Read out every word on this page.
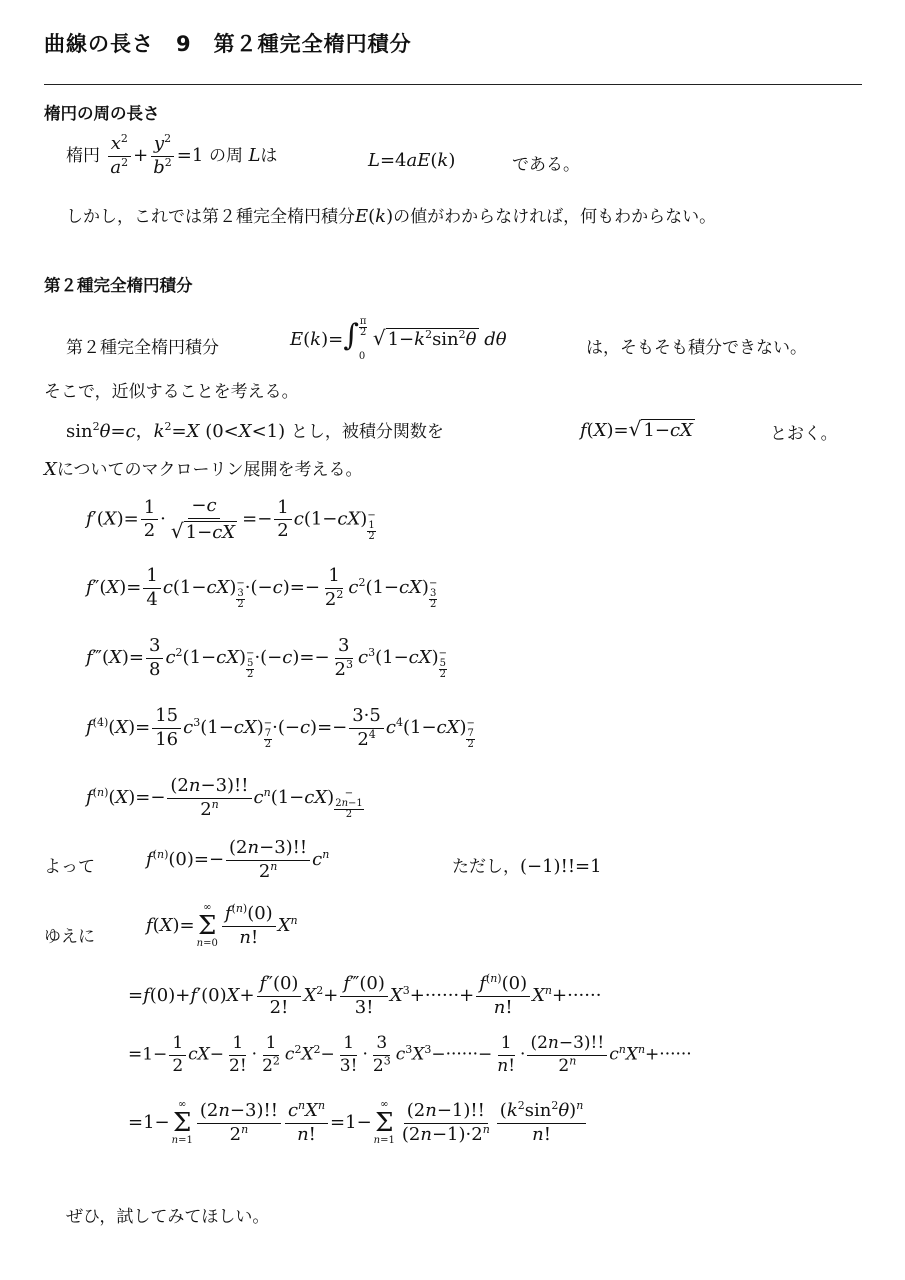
曲線の長さ　9　第２種完全楕円積分
楕円の周の長さ
楕円 $\frac{x^2}{a^2} + \frac{y^2}{b^2} =1$ の周 Lは	L=4aE(k)	である。
しかし，これでは第２種完全楕円積分E(k)の値がわからなければ，何もわからない。
第２種完全楕円積分
第２種完全楕円積分	$E(k)=\int \frac{\pi}{2}$
0
√ $1-k^2\sin^2\theta$ dθ	は，そもそも積分できない。
そこで，近似することを考える。
$\sin^2\theta=c$，$k^2=X$ (0<X<1) とし，被積分関数を	f(X)=√ 1−cX	とおく。
Xについてのマクローリン展開を考える。
$f'(X)= \frac{1}{2} \cdot \frac{-c}{√ 1-cX} =- \frac{1}{2} c(1-cX)-$
1
2
$f''(X)= \frac{1}{4} c(1-cX)-$
3
2
$\cdot(-c)=- \frac{1}{2^2} c^2(1-cX)-$
3
2
f‴(X)= $\frac{3}{8} c^2(1-cX)-$
5
2
$\cdot(-c)=- \frac{3}{2^3} c^3(1-cX)-$
5
2
$f^{(4)}(X)= \frac{15}{16} c^3(1-cX)-$
7
2
$\cdot(-c)=- \frac{3\cdot 5}{2^4} c^4(1-cX)-$
7
2
$f^{(n)}(X)=- \frac{(2n-3)!!}{2^n} c^n(1-cX)$ −
2n−1
2
よって	$f^{(n)}(0)=- \frac{(2n-3)!!}{2^n} c^n$
ただし，(−1)!!=1
ゆえに
f(X)=
∞
Σ
$n=0 \frac{f^{(n)}(0)}{n!} X^n$
$=f(0)+f'(0)X+ \frac{f''(0)}{2!} X^2+ \frac{f‴(0)}{3!} X^3+\cdot\cdot\cdot\cdot\cdot\cdot+ \frac{f^{(n)}(0)}{n!} X^n+\cdot\cdot\cdot\cdot\cdot\cdot$
$=1- \frac{1}{2} cX- \frac{1}{2!} \cdot \frac{1}{2^2} c^2X^2- \frac{1}{3!} \cdot \frac{3}{2^3} c^3X^3-\cdot\cdot\cdot\cdot\cdot\cdot- \frac{1}{n!} \cdot \frac{(2n-3)!!}{2^n} c^nX^n+\cdot\cdot\cdot\cdot\cdot\cdot$
=1−
∞
Σ
$n=1 \frac{(2n-3)!!}{2^n} \frac{c^nX^n}{n!} =1-$
∞
Σ
$n=1 \frac{(2n-1)!!}{(2n-1)\cdot 2^n} \frac{(k^2\sin^2\theta)^n}{n!}$
ぜひ，試してみてほしい。
